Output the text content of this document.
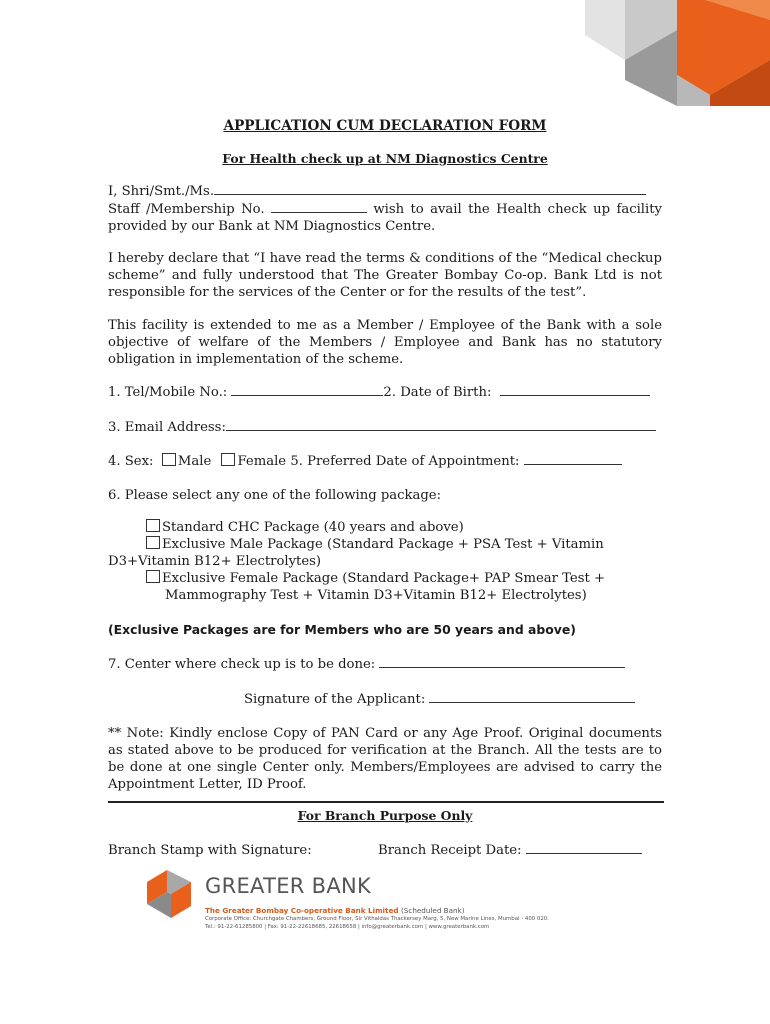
APPLICATION CUM DECLARATION FORM

For Health check up at NM Diagnostics Centre

I, Shri/Smt./Ms.

Staff /Membership No.	wish to avail the Health check up facility provided by our Bank at NM Diagnostics Centre.

I hereby declare that “I have read the terms & conditions of the “Medical checkup scheme” and fully understood that The Greater Bombay Co-op. Bank Ltd is not responsible for the services of the Center or for the results of the test”.

This facility is extended to me as a Member / Employee of the Bank with a sole objective of welfare of the Members / Employee and Bank has no statutory obligation in implementation of the scheme.

1. Tel/Mobile No.:	2. Date of Birth:

3. Email Address:

4. Sex: Male Female 5. Preferred Date of Appointment:

6. Please select any one of the following package:

Standard CHC Package (40 years and above)

Exclusive Male Package (Standard Package + PSA Test + Vitamin

D3+Vitamin B12+ Electrolytes)

Exclusive Female Package (Standard Package+ PAP Smear Test +

Mammography Test + Vitamin D3+Vitamin B12+ Electrolytes)

(Exclusive Packages are for Members who are 50 years and above)

7. Center where check up is to be done:

Signature of the Applicant:

** Note: Kindly enclose Copy of PAN Card or any Age Proof. Original documents as stated above to be produced for verification at the Branch. All the tests are to be done at one single Center only. Members/Employees are advised to carry the Appointment Letter, ID Proof.

For Branch Purpose Only

Branch Stamp with Signature:	Branch Receipt Date:

GREATER BANK
The Greater Bombay Co-operative Bank Limited (Scheduled Bank)
Corporate Office: Churchgate Chambers, Ground Floor, Sir Vithaldas Thackersey Marg, 5, New Marine Lines, Mumbai - 400 020.
Tel.: 91-22-61285800 | Fax: 91-22-22618685, 22618658 | info@greaterbank.com | www.greaterbank.com
